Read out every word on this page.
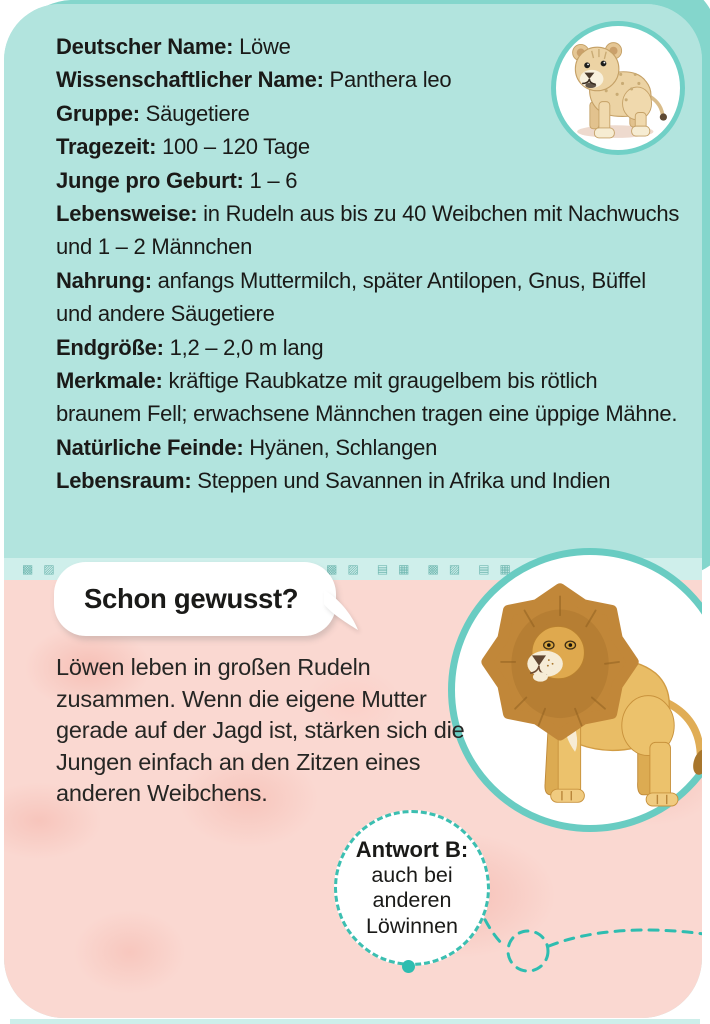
▩ ▨	▩ ▨ ▤ ▦ ▩ ▨ ▤ ▦

Deutscher Name: Löwe

Wissenschaftlicher Name: Panthera leo

Gruppe: Säugetiere

Tragezeit: 100 – 120 Tage

Junge pro Geburt: 1 – 6

Lebensweise: in Rudeln aus bis zu 40 Weibchen mit Nachwuchs und 1 – 2 Männchen

Nahrung: anfangs Muttermilch, später Antilopen, Gnus, Büffel und andere Säugetiere

Endgröße: 1,2 – 2,0 m lang

Merkmale: kräftige Raubkatze mit graugelbem bis rötlich braunem Fell; erwachsene Männchen tragen eine üppige Mähne.

Natürliche Feinde: Hyänen, Schlangen

Lebensraum: Steppen und Savannen in Afrika und Indien

Schon gewusst?
Löwen leben in großen Rudeln zusammen. Wenn die eigene Mutter gerade auf der Jagd ist, stärken sich die Jungen einfach an den Zitzen eines anderen Weibchens.
Antwort B:
auch bei
anderen
Löwinnen
